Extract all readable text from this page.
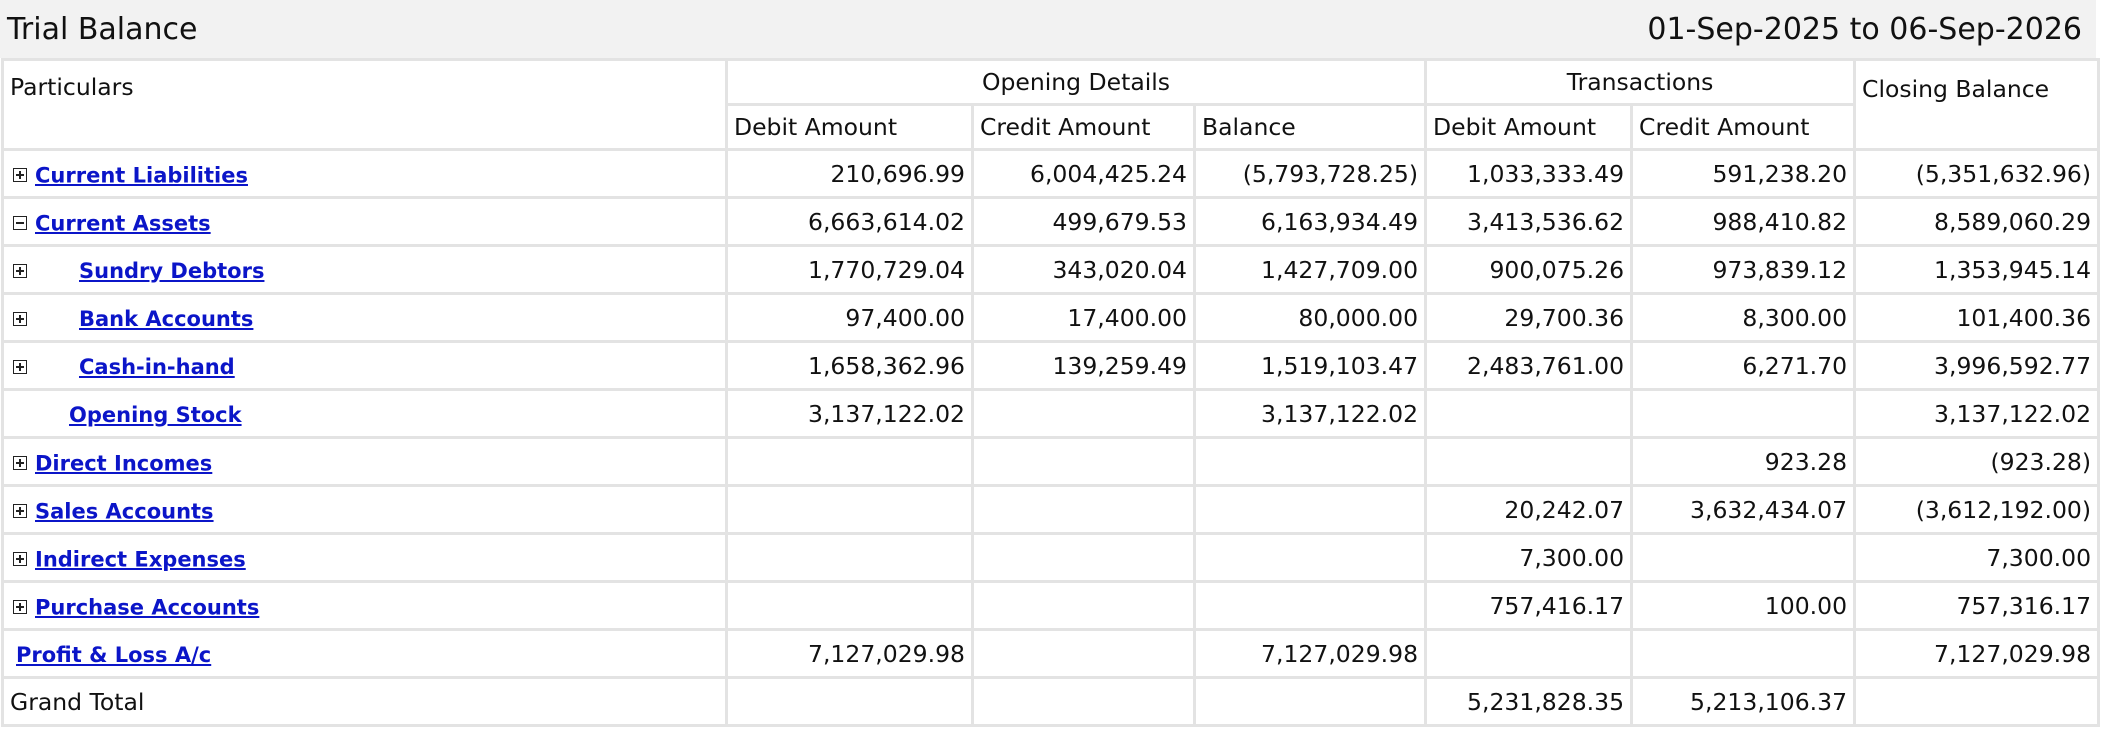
Trial Balance	01-Sep-2025 to 06-Sep-2026
Particulars	Opening Details			Transactions		Closing Balance
	Debit Amount	Credit Amount	Balance	Debit Amount	Credit Amount	
Current Liabilities	210,696.99	6,004,425.24	(5,793,728.25)	1,033,333.49	591,238.20	(5,351,632.96)
Current Assets	6,663,614.02	499,679.53	6,163,934.49	3,413,536.62	988,410.82	8,589,060.29
Sundry Debtors	1,770,729.04	343,020.04	1,427,709.00	900,075.26	973,839.12	1,353,945.14
Bank Accounts	97,400.00	17,400.00	80,000.00	29,700.36	8,300.00	101,400.36
Cash-in-hand	1,658,362.96	139,259.49	1,519,103.47	2,483,761.00	6,271.70	3,996,592.77
Opening Stock	3,137,122.02		3,137,122.02			3,137,122.02
Direct Incomes					923.28	(923.28)
Sales Accounts				20,242.07	3,632,434.07	(3,612,192.00)
Indirect Expenses				7,300.00		7,300.00
Purchase Accounts				757,416.17	100.00	757,316.17
Profit & Loss A/c	7,127,029.98		7,127,029.98			7,127,029.98
Grand Total				5,231,828.35	5,213,106.37	
